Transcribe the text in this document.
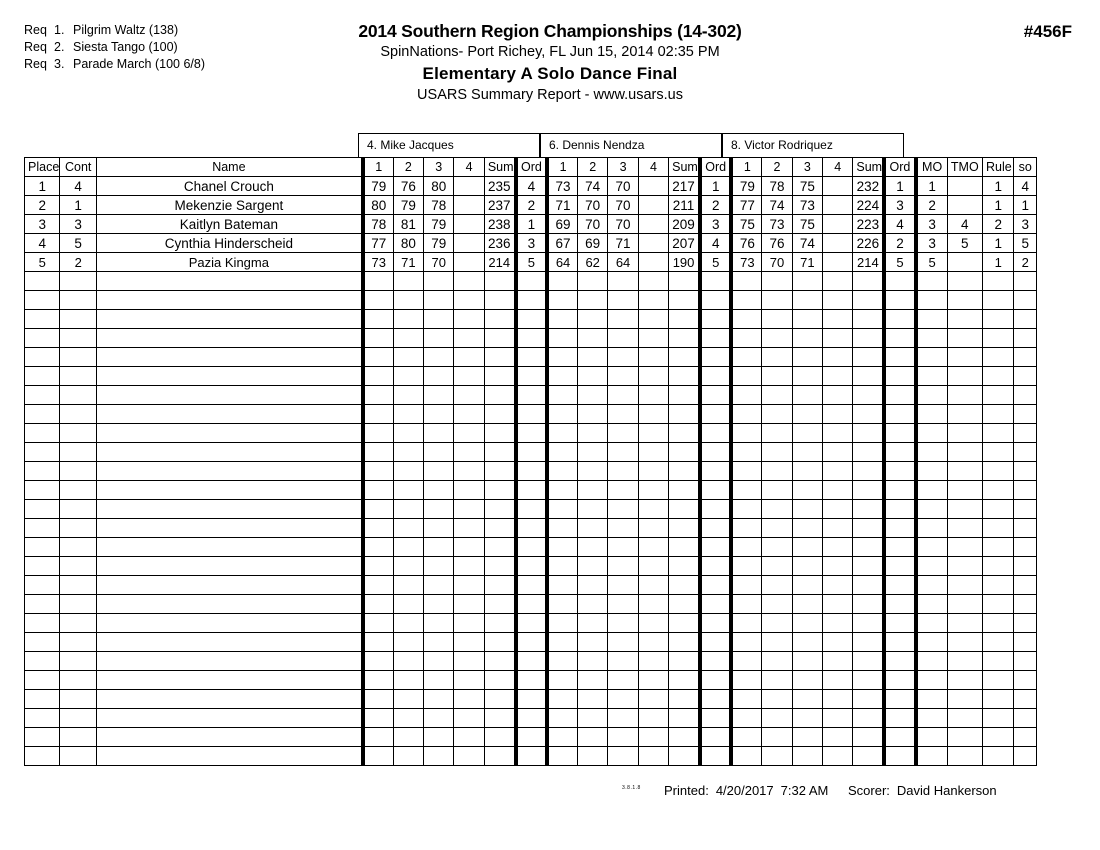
Req 1. Pilgrim Waltz (138)
Req 2. Siesta Tango (100)
Req 3. Parade March (100 6/8)
2014 Southern Region Championships (14-302)
SpinNations- Port Richey, FL Jun 15, 2014 02:35 PM
Elementary A Solo Dance Final
USARS Summary Report - www.usars.us
#456F
4. Mike Jacques	6. Dennis Nendza	8. Victor Rodriquez
Place	Cont	Name	1	2	3	4	Sum	Ord	1	2	3	4	Sum	Ord	1	2	3	4	Sum	Ord	MO	TMO	Rule	so
1	4	Chanel Crouch	79	76	80		235	4	73	74	70		217	1	79	78	75		232	1	1		1	4
2	1	Mekenzie Sargent	80	79	78		237	2	71	70	70		211	2	77	74	73		224	3	2		1	1
3	3	Kaitlyn Bateman	78	81	79		238	1	69	70	70		209	3	75	73	75		223	4	3	4	2	3
4	5	Cynthia Hinderscheid	77	80	79		236	3	67	69	71		207	4	76	76	74		226	2	3	5	1	5
5	2	Pazia Kingma	73	71	70		214	5	64	62	64		190	5	73	70	71		214	5	5		1	2

3.8.1.8 Printed: 4/20/2017 7:32 AM Scorer: David Hankerson
